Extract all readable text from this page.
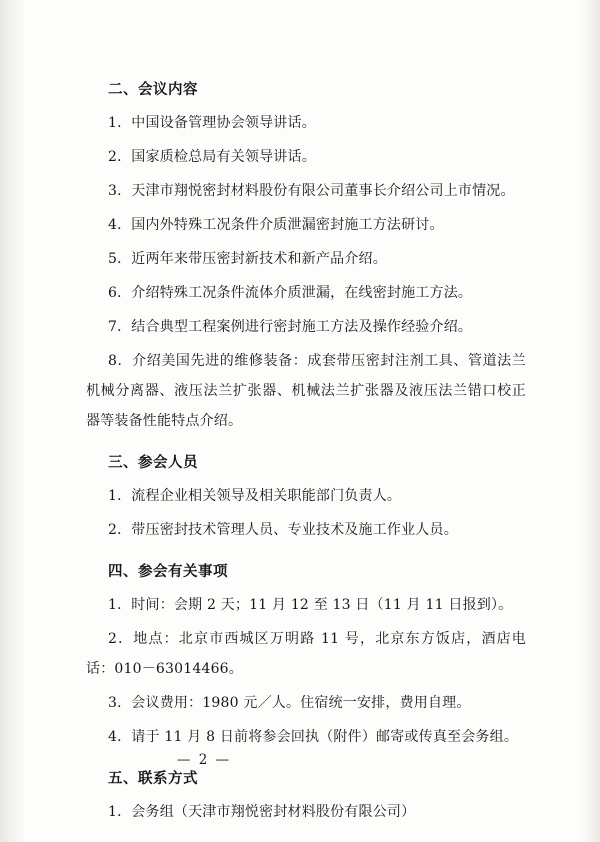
二、会议内容

1．中国设备管理协会领导讲话。

2．国家质检总局有关领导讲话。

3．天津市翔悦密封材料股份有限公司董事长介绍公司上市情况。

4．国内外特殊工况条件介质泄漏密封施工方法研讨。

5．近两年来带压密封新技术和新产品介绍。

6．介绍特殊工况条件流体介质泄漏，在线密封施工方法。

7．结合典型工程案例进行密封施工方法及操作经验介绍。

8．介绍美国先进的维修装备：成套带压密封注剂工具、管道法兰机械分离器、液压法兰扩张器、机械法兰扩张器及液压法兰错口校正器等装备性能特点介绍。

三、参会人员

1．流程企业相关领导及相关职能部门负责人。

2．带压密封技术管理人员、专业技术及施工作业人员。

四、参会有关事项

1．时间：会期 2 天；11 月 12 至 13 日（11 月 11 日报到）。

2．地点：北京市西城区万明路 11 号，北京东方饭店，酒店电话：010－63014466。

3．会议费用：1980 元／人。住宿统一安排，费用自理。

4．请于 11 月 8 日前将参会回执（附件）邮寄或传真至会务组。

五、联系方式

1．会务组（天津市翔悦密封材料股份有限公司）

— 2 —
